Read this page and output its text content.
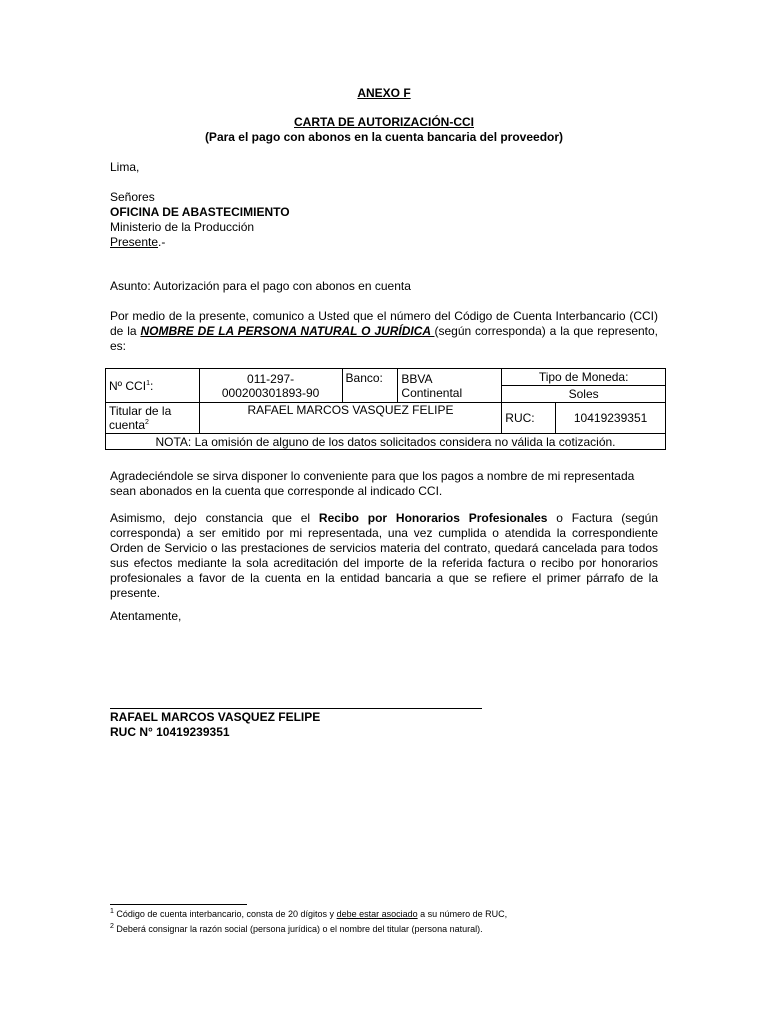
ANEXO F
CARTA DE AUTORIZACIÓN-CCI
(Para el pago con abonos en la cuenta bancaria del proveedor)
Lima,
Señores
OFICINA DE ABASTECIMIENTO
Ministerio de la Producción
Presente.-
Asunto: Autorización para el pago con abonos en cuenta
Por medio de la presente, comunico a Usted que el número del Código de Cuenta Interbancario (CCI) de la NOMBRE DE LA PERSONA NATURAL O JURÍDICA (según corresponda) a la que represento, es:
Nº CCI$^1$:	011-297-000200301893-90	Banco:	BBVA Continental	Tipo de Moneda:	
				Soles	
Titular de la cuenta$^2$	RAFAEL MARCOS VASQUEZ FELIPE			RUC:	10419239351
NOTA: La omisión de alguno de los datos solicitados considera no válida la cotización.					
Agradeciéndole se sirva disponer lo conveniente para que los pagos a nombre de mi representada sean abonados en la cuenta que corresponde al indicado CCI.
Asimismo, dejo constancia que el Recibo por Honorarios Profesionales o Factura (según corresponda) a ser emitido por mi representada, una vez cumplida o atendida la correspondiente Orden de Servicio o las prestaciones de servicios materia del contrato, quedará cancelada para todos sus efectos mediante la sola acreditación del importe de la referida factura o recibo por honorarios profesionales a favor de la cuenta en la entidad bancaria a que se refiere el primer párrafo de la presente.
Atentamente,
RAFAEL MARCOS VASQUEZ FELIPE
RUC N° 10419239351
$^1$ Código de cuenta interbancario, consta de 20 dígitos y debe estar asociado a su número de RUC,
$^2$ Deberá consignar la razón social (persona jurídica) o el nombre del titular (persona natural).
